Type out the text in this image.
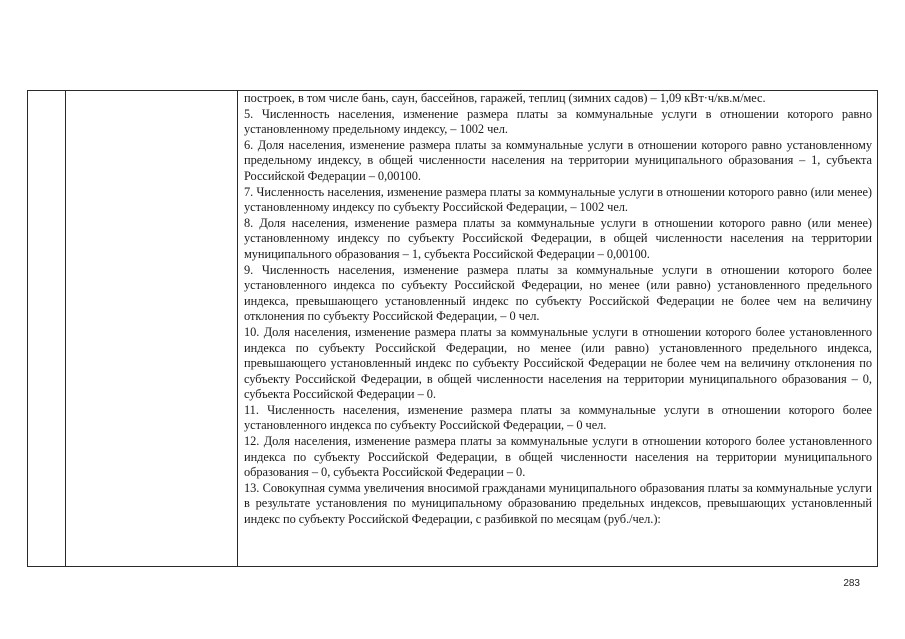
построек, в том числе бань, саун, бассейнов, гаражей, теплиц (зимних садов) – 1,09 кВт·ч/кв.м/мес.

5. Численность населения, изменение размера платы за коммунальные услуги в отношении которого равно установленному предельному индексу, – 1002 чел.

6. Доля населения, изменение размера платы за коммунальные услуги в отношении которого равно установленному предельному индексу, в общей численности населения на территории муниципального образования – 1, субъекта Российской Федерации – 0,00100.

7. Численность населения, изменение размера платы за коммунальные услуги в отношении которого равно (или менее) установленному индексу по субъекту Российской Федерации, – 1002 чел.

8. Доля населения, изменение размера платы за коммунальные услуги в отношении которого равно (или менее) установленному индексу по субъекту Российской Федерации, в общей численности населения на территории муниципального образования – 1, субъекта Российской Федерации – 0,00100.

9. Численность населения, изменение размера платы за коммунальные услуги в отношении которого более установленного индекса по субъекту Российской Федерации, но менее (или равно) установленного предельного индекса, превышающего установленный индекс по субъекту Российской Федерации не более чем на величину отклонения по субъекту Российской Федерации, – 0 чел.

10. Доля населения, изменение размера платы за коммунальные услуги в отношении которого более установленного индекса по субъекту Российской Федерации, но менее (или равно) установленного предельного индекса, превышающего установленный индекс по субъекту Российской Федерации не более чем на величину отклонения по субъекту Российской Федерации, в общей численности населения на территории муниципального образования – 0, субъекта Российской Федерации – 0.

11. Численность населения, изменение размера платы за коммунальные услуги в отношении которого более установленного индекса по субъекту Российской Федерации, – 0 чел.

12. Доля населения, изменение размера платы за коммунальные услуги в отношении которого более установленного индекса по субъекту Российской Федерации, в общей численности населения на территории муниципального образования – 0, субъекта Российской Федерации – 0.

13. Совокупная сумма увеличения вносимой гражданами муниципального образования платы за коммунальные услуги в результате установления по муниципальному образованию предельных индексов, превышающих установленный индекс по субъекту Российской Федерации, с разбивкой по месяцам (руб./чел.):

283
